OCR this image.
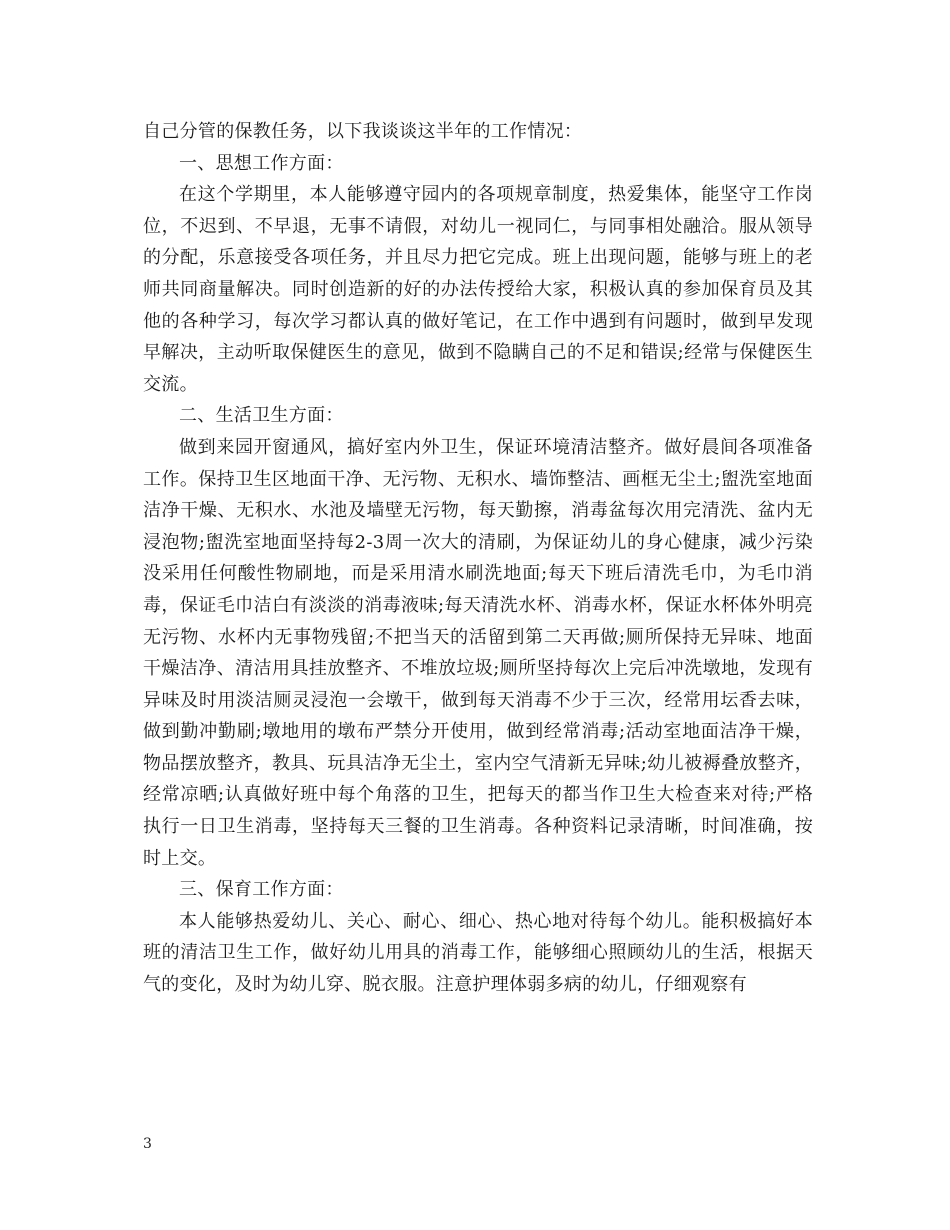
自己分管的保教任务，以下我谈谈这半年的工作情况：

一、思想工作方面：

在这个学期里，本人能够遵守园内的各项规章制度，热爱集体，能坚守工作岗位，不迟到、不早退，无事不请假，对幼儿一视同仁，与同事相处融洽。服从领导的分配，乐意接受各项任务，并且尽力把它完成。班上出现问题，能够与班上的老师共同商量解决。同时创造新的好的办法传授给大家，积极认真的参加保育员及其他的各种学习，每次学习都认真的做好笔记，在工作中遇到有问题时，做到早发现早解决，主动听取保健医生的意见，做到不隐瞒自己的不足和错误;经常与保健医生交流。

二、生活卫生方面：

做到来园开窗通风，搞好室内外卫生，保证环境清洁整齐。做好晨间各项准备工作。保持卫生区地面干净、无污物、无积水、墙饰整洁、画框无尘土;盥洗室地面洁净干燥、无积水、水池及墙壁无污物，每天勤擦，消毒盆每次用完清洗、盆内无浸泡物;盥洗室地面坚持每2-3周一次大的清刷，为保证幼儿的身心健康，减少污染没采用任何酸性物刷地，而是采用清水刷洗地面;每天下班后清洗毛巾，为毛巾消毒，保证毛巾洁白有淡淡的消毒液味;每天清洗水杯、消毒水杯，保证水杯体外明亮无污物、水杯内无事物残留;不把当天的活留到第二天再做;厕所保持无异味、地面干燥洁净、清洁用具挂放整齐、不堆放垃圾;厕所坚持每次上完后冲洗墩地，发现有异味及时用淡洁厕灵浸泡一会墩干，做到每天消毒不少于三次，经常用坛香去味，做到勤冲勤刷;墩地用的墩布严禁分开使用，做到经常消毒;活动室地面洁净干燥，物品摆放整齐，教具、玩具洁净无尘土，室内空气清新无异味;幼儿被褥叠放整齐，经常凉晒;认真做好班中每个角落的卫生，把每天的都当作卫生大检查来对待;严格执行一日卫生消毒，坚持每天三餐的卫生消毒。各种资料记录清晰，时间准确，按时上交。

三、保育工作方面：

本人能够热爱幼儿、关心、耐心、细心、热心地对待每个幼儿。能积极搞好本班的清洁卫生工作，做好幼儿用具的消毒工作，能够细心照顾幼儿的生活，根据天气的变化，及时为幼儿穿、脱衣服。注意护理体弱多病的幼儿，仔细观察有

3
